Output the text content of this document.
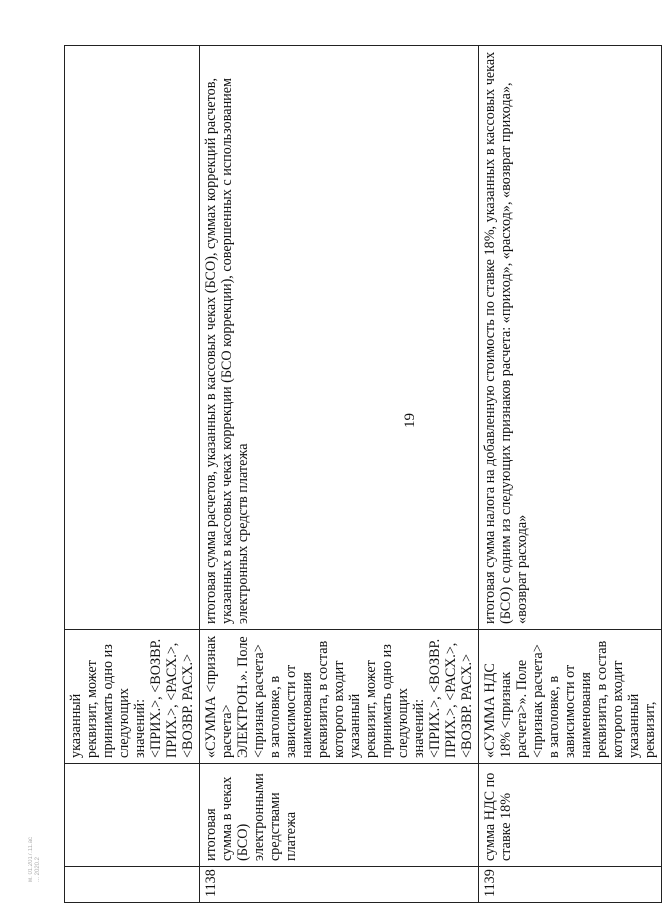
		указанный реквизит, может принимать одно из следующих значений: <ПРИХ.>, <ВОЗВР. ПРИХ.>, <РАСХ.>, <ВОЗВР. РАСХ.>	

1138	итоговая сумма в чеках (БСО) электронными средствами платежа	«СУММА <признак расчета> ЭЛЕКТРОН.». Поле <признак расчета> в заголовке, в зависимости от наименования реквизита, в состав которого входит указанный реквизит, может принимать одно из следующих значений: <ПРИХ.>, <ВОЗВР. ПРИХ.>, <РАСХ.>, <ВОЗВР. РАСХ.>	итоговая сумма расчетов, указанных в кассовых чеках (БСО), суммах коррекций расчетов, указанных в кассовых чеках коррекции (БСО коррекции), совершенных с использованием электронных средств платежа
1139	сумма НДС по ставке 18%	«СУММА НДС 18% <признак расчета>». Поле <признак расчета> в заголовке, в зависимости от наименования реквизита, в состав которого входит указанный реквизит,	итоговая сумма налога на добавленную стоимость по ставке 18%, указанных в кассовых чеках (БСО) с одним из следующих признаков расчета: «приход», «расход», «возврат прихода», «возврат расхода»
19
м. 01.2017.11.ac
... 2020.2
